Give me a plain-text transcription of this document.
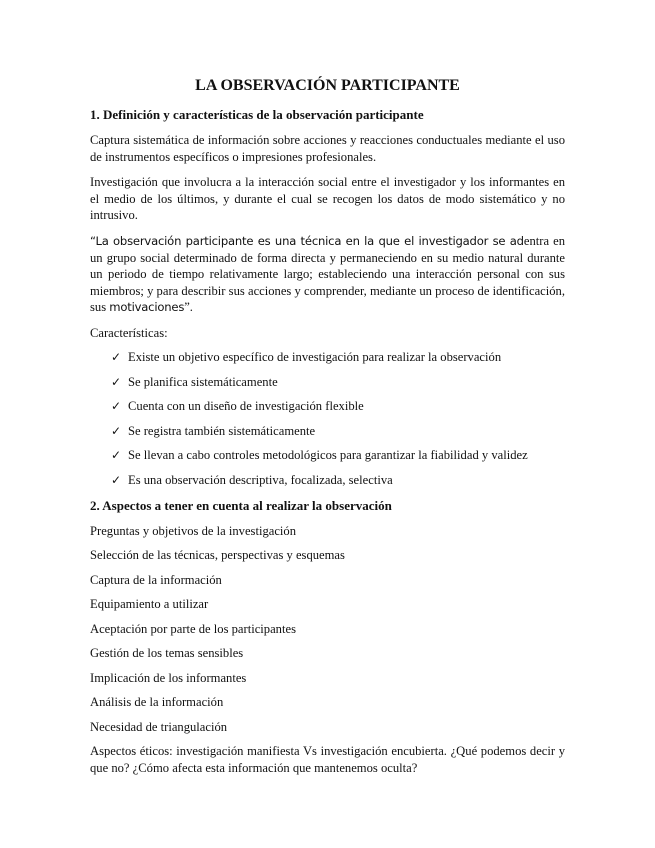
LA OBSERVACIÓN PARTICIPANTE
1. Definición y características de la observación participante

Captura sistemática de información sobre acciones y reacciones conductuales mediante el uso de instrumentos específicos o impresiones profesionales.

Investigación que involucra a la interacción social entre el investigador y los informantes en el medio de los últimos, y durante el cual se recogen los datos de modo sistemático y no intrusivo.

“La observación participante es una técnica en la que el investigador se adentra en un grupo social determinado de forma directa y permaneciendo en su medio natural durante un periodo de tiempo relativamente largo; estableciendo una interacción personal con sus miembros; y para describir sus acciones y comprender, mediante un proceso de identificación, sus motivaciones”.

Características:

✓ Existe un objetivo específico de investigación para realizar la observación
✓ Se planifica sistemáticamente
✓ Cuenta con un diseño de investigación flexible
✓ Se registra también sistemáticamente
✓ Se llevan a cabo controles metodológicos para garantizar la fiabilidad y validez
✓ Es una observación descriptiva, focalizada, selectiva
2. Aspectos a tener en cuenta al realizar la observación

Preguntas y objetivos de la investigación

Selección de las técnicas, perspectivas y esquemas

Captura de la información

Equipamiento a utilizar

Aceptación por parte de los participantes

Gestión de los temas sensibles

Implicación de los informantes

Análisis de la información

Necesidad de triangulación

Aspectos éticos: investigación manifiesta Vs investigación encubierta. ¿Qué podemos decir y que no? ¿Cómo afecta esta información que mantenemos oculta?
